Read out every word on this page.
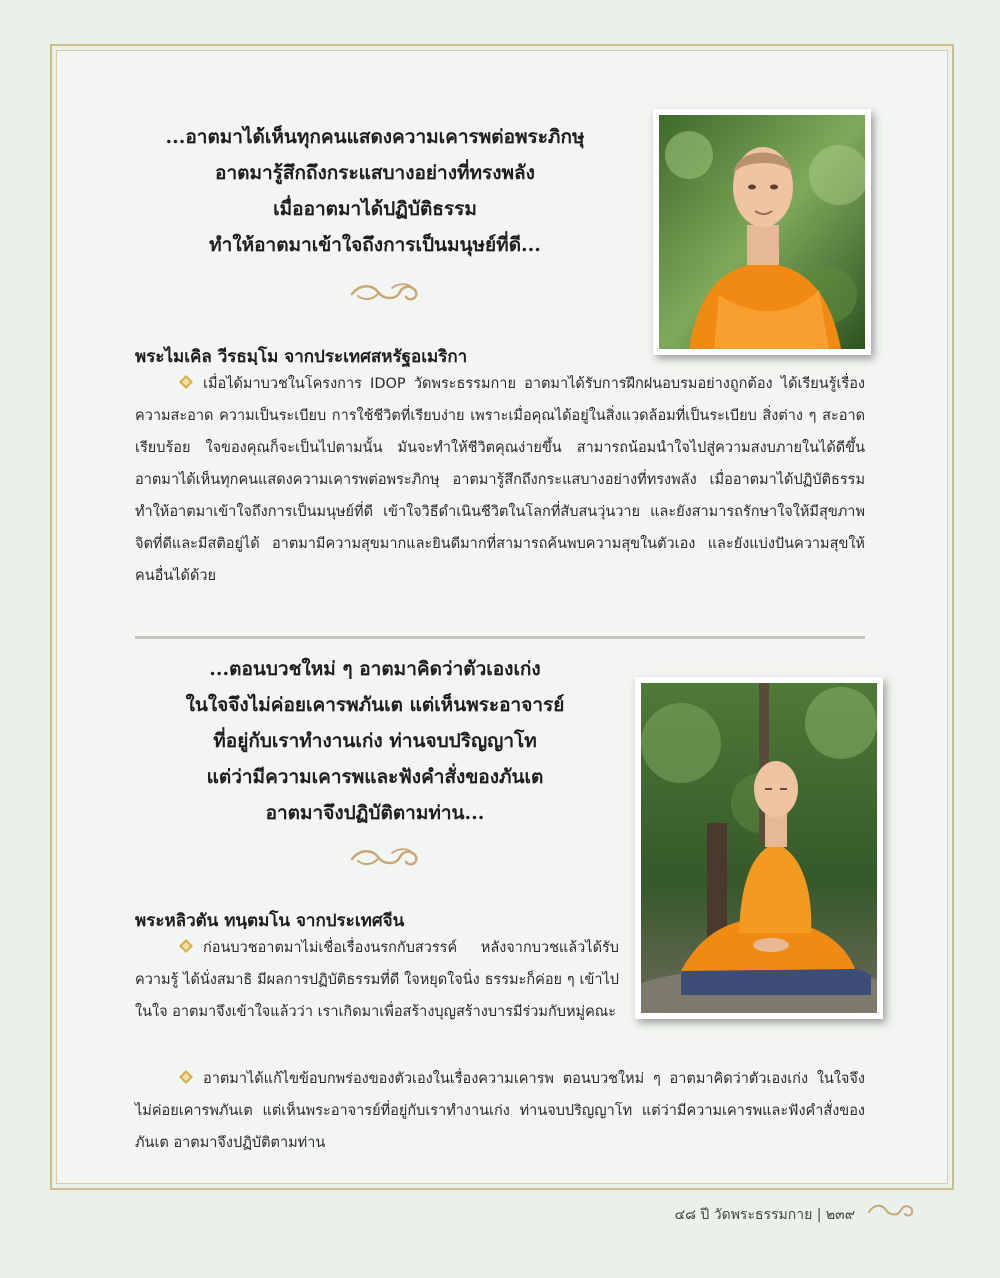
...อาตมาได้เห็นทุกคนแสดงความเคารพต่อพระภิกษุ
อาตมารู้สึกถึงกระแสบางอย่างที่ทรงพลัง
เมื่ออาตมาได้ปฏิบัติธรรม
ทำให้อาตมาเข้าใจถึงการเป็นมนุษย์ที่ดี...
พระไมเคิล วีรธมฺโม จากประเทศสหรัฐอเมริกา
เมื่อได้มาบวชในโครงการ IDOP วัดพระธรรมกาย อาตมาได้รับการฝึกฝนอบรมอย่างถูกต้อง ได้เรียนรู้เรื่องความสะอาด ความเป็นระเบียบ การใช้ชีวิตที่เรียบง่าย เพราะเมื่อคุณได้อยู่ในสิ่งแวดล้อมที่เป็นระเบียบ สิ่งต่าง ๆ สะอาดเรียบร้อย ใจของคุณก็จะเป็นไปตามนั้น มันจะทำให้ชีวิตคุณง่ายขึ้น สามารถน้อมนำใจไปสู่ความสงบภายในได้ดีขึ้น อาตมาได้เห็นทุกคนแสดงความเคารพต่อพระภิกษุ อาตมารู้สึกถึงกระแสบางอย่างที่ทรงพลัง เมื่ออาตมาได้ปฏิบัติธรรม ทำให้อาตมาเข้าใจถึงการเป็นมนุษย์ที่ดี เข้าใจวิธีดำเนินชีวิตในโลกที่สับสนวุ่นวาย และยังสามารถรักษาใจให้มีสุขภาพจิตที่ดีและมีสติอยู่ได้ อาตมามีความสุขมากและยินดีมากที่สามารถค้นพบความสุขในตัวเอง และยังแบ่งปันความสุขให้คนอื่นได้ด้วย
...ตอนบวชใหม่ ๆ อาตมาคิดว่าตัวเองเก่ง
ในใจจึงไม่ค่อยเคารพภันเต แต่เห็นพระอาจารย์
ที่อยู่กับเราทำงานเก่ง ท่านจบปริญญาโท
แต่ว่ามีความเคารพและฟังคำสั่งของภันเต
อาตมาจึงปฏิบัติตามท่าน...
พระหลิวตัน ทนฺตมโน จากประเทศจีน
ก่อนบวชอาตมาไม่เชื่อเรื่องนรกกับสวรรค์ หลังจากบวชแล้วได้รับความรู้ ได้นั่งสมาธิ มีผลการปฏิบัติธรรมที่ดี ใจหยุดใจนิ่ง ธรรมะก็ค่อย ๆ เข้าไปในใจ อาตมาจึงเข้าใจแล้วว่า เราเกิดมาเพื่อสร้างบุญสร้างบารมีร่วมกับหมู่คณะ
อาตมาได้แก้ไขข้อบกพร่องของตัวเองในเรื่องความเคารพ ตอนบวชใหม่ ๆ อาตมาคิดว่าตัวเองเก่ง ในใจจึงไม่ค่อยเคารพภันเต แต่เห็นพระอาจารย์ที่อยู่กับเราทำงานเก่ง ท่านจบปริญญาโท แต่ว่ามีความเคารพและฟังคำสั่งของภันเต อาตมาจึงปฏิบัติตามท่าน
๔๘ ปี วัดพระธรรมกาย | ๒๓๙
